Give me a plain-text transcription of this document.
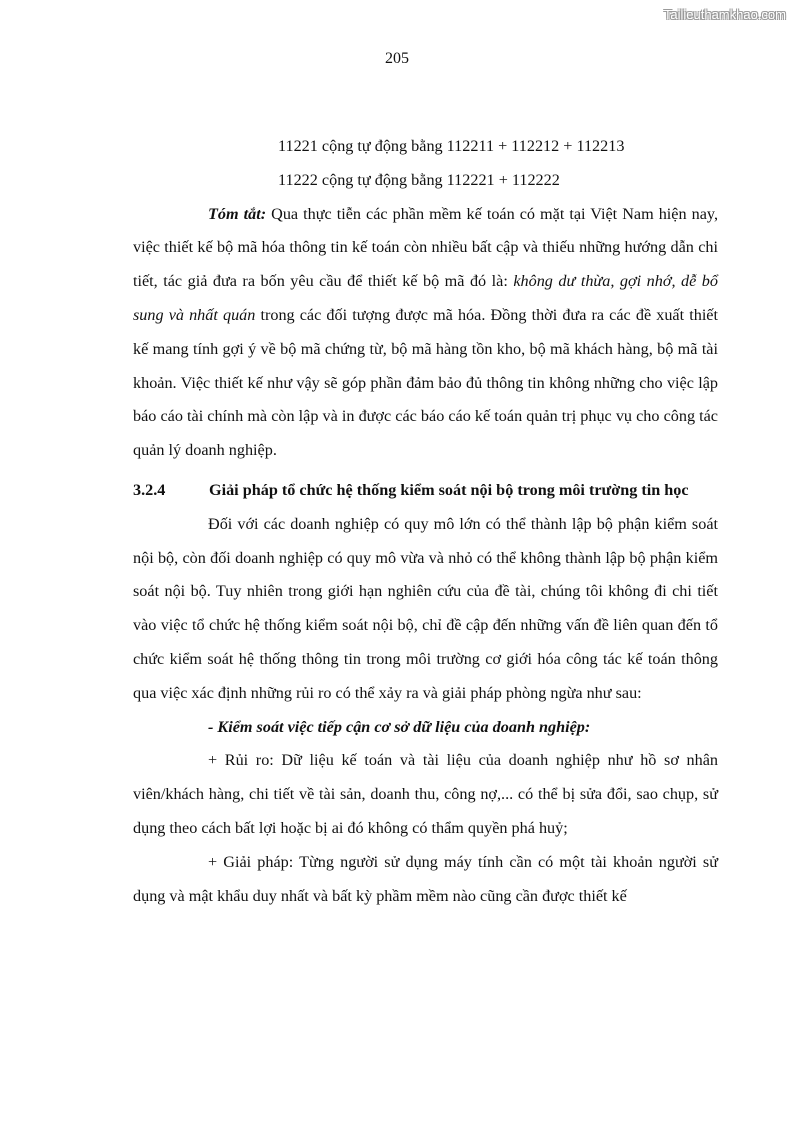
Tailieuthamkhao.com
205

11221 cộng tự động bằng 112211 + 112212 + 112213

11222 cộng tự động bằng 112221 + 112222

Tóm tắt: Qua thực tiễn các phần mềm kế toán có mặt tại Việt Nam hiện nay, việc thiết kế bộ mã hóa thông tin kế toán còn nhiều bất cập và thiếu những hướng dẫn chi tiết, tác giả đưa ra bốn yêu cầu để thiết kế bộ mã đó là: không dư thừa, gợi nhớ, dễ bổ sung và nhất quán trong các đối tượng được mã hóa. Đồng thời đưa ra các đề xuất thiết kế mang tính gợi ý về bộ mã chứng từ, bộ mã hàng tồn kho, bộ mã khách hàng, bộ mã tài khoản. Việc thiết kế như vậy sẽ góp phần đảm bảo đủ thông tin không những cho việc lập báo cáo tài chính mà còn lập và in được các báo cáo kế toán quản trị phục vụ cho công tác quản lý doanh nghiệp.

3.2.4	Giải pháp tổ chức hệ thống kiểm soát nội bộ trong môi trường tin học

Đối với các doanh nghiệp có quy mô lớn có thể thành lập bộ phận kiểm soát nội bộ, còn đối doanh nghiệp có quy mô vừa và nhỏ có thể không thành lập bộ phận kiểm soát nội bộ. Tuy nhiên trong giới hạn nghiên cứu của đề tài, chúng tôi không đi chi tiết vào việc tổ chức hệ thống kiểm soát nội bộ, chỉ đề cập đến những vấn đề liên quan đến tổ chức kiểm soát hệ thống thông tin trong môi trường cơ giới hóa công tác kế toán thông qua việc xác định những rủi ro có thể xảy ra và giải pháp phòng ngừa như sau:

- Kiểm soát việc tiếp cận cơ sở dữ liệu của doanh nghiệp:

+ Rủi ro: Dữ liệu kế toán và tài liệu của doanh nghiệp như hồ sơ nhân viên/khách hàng, chi tiết về tài sản, doanh thu, công nợ,... có thể bị sửa đổi, sao chụp, sử dụng theo cách bất lợi hoặc bị ai đó không có thẩm quyền phá huỷ;

+ Giải pháp: Từng người sử dụng máy tính cần có một tài khoản người sử dụng và mật khẩu duy nhất và bất kỳ phầm mềm nào cũng cần được thiết kế
